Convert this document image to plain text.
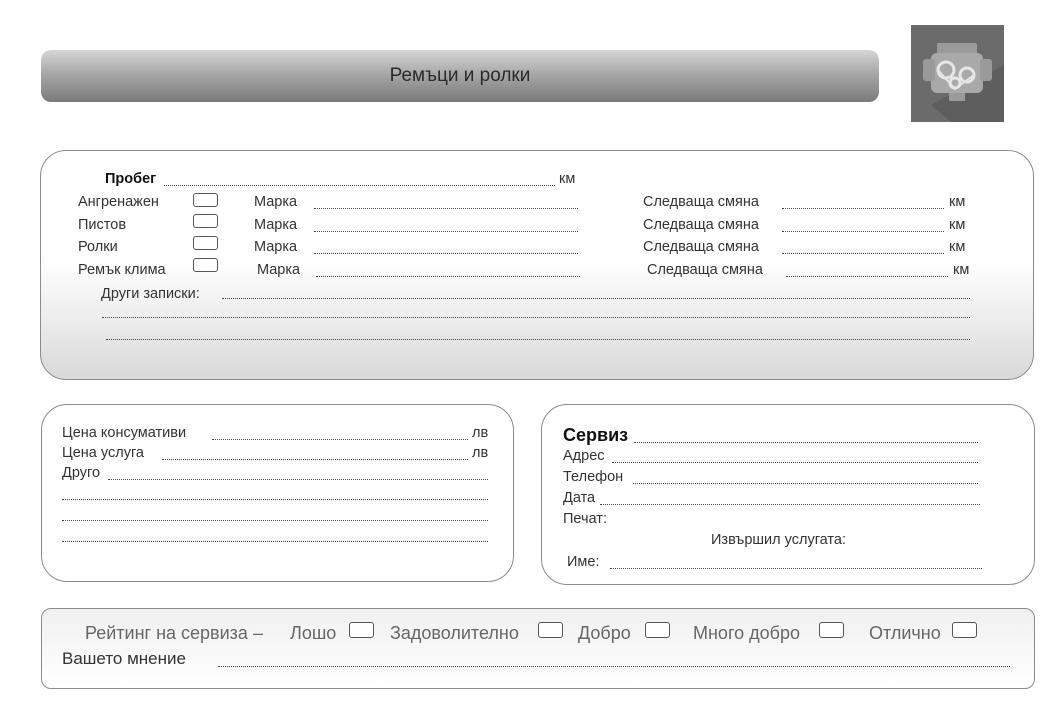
Ремъци и ролки
Пробег	км
Ангренажен	Марка	Следваща смяна	км
Пистов	Марка	Следваща смяна	км
Ролки	Марка	Следваща смяна	км
Ремък клима	Марка	Следваща смяна	км
Други записки:
Цена консумативи	лв
Цена услуга	лв
Друго
Сервиз
Адрес
Телефон
Дата
Печат:
Извършил услугата:
Име:
Рейтинг на сервиза – Лошо	Задоволително	Добро	Много добро	Отлично
Вашето мнение
